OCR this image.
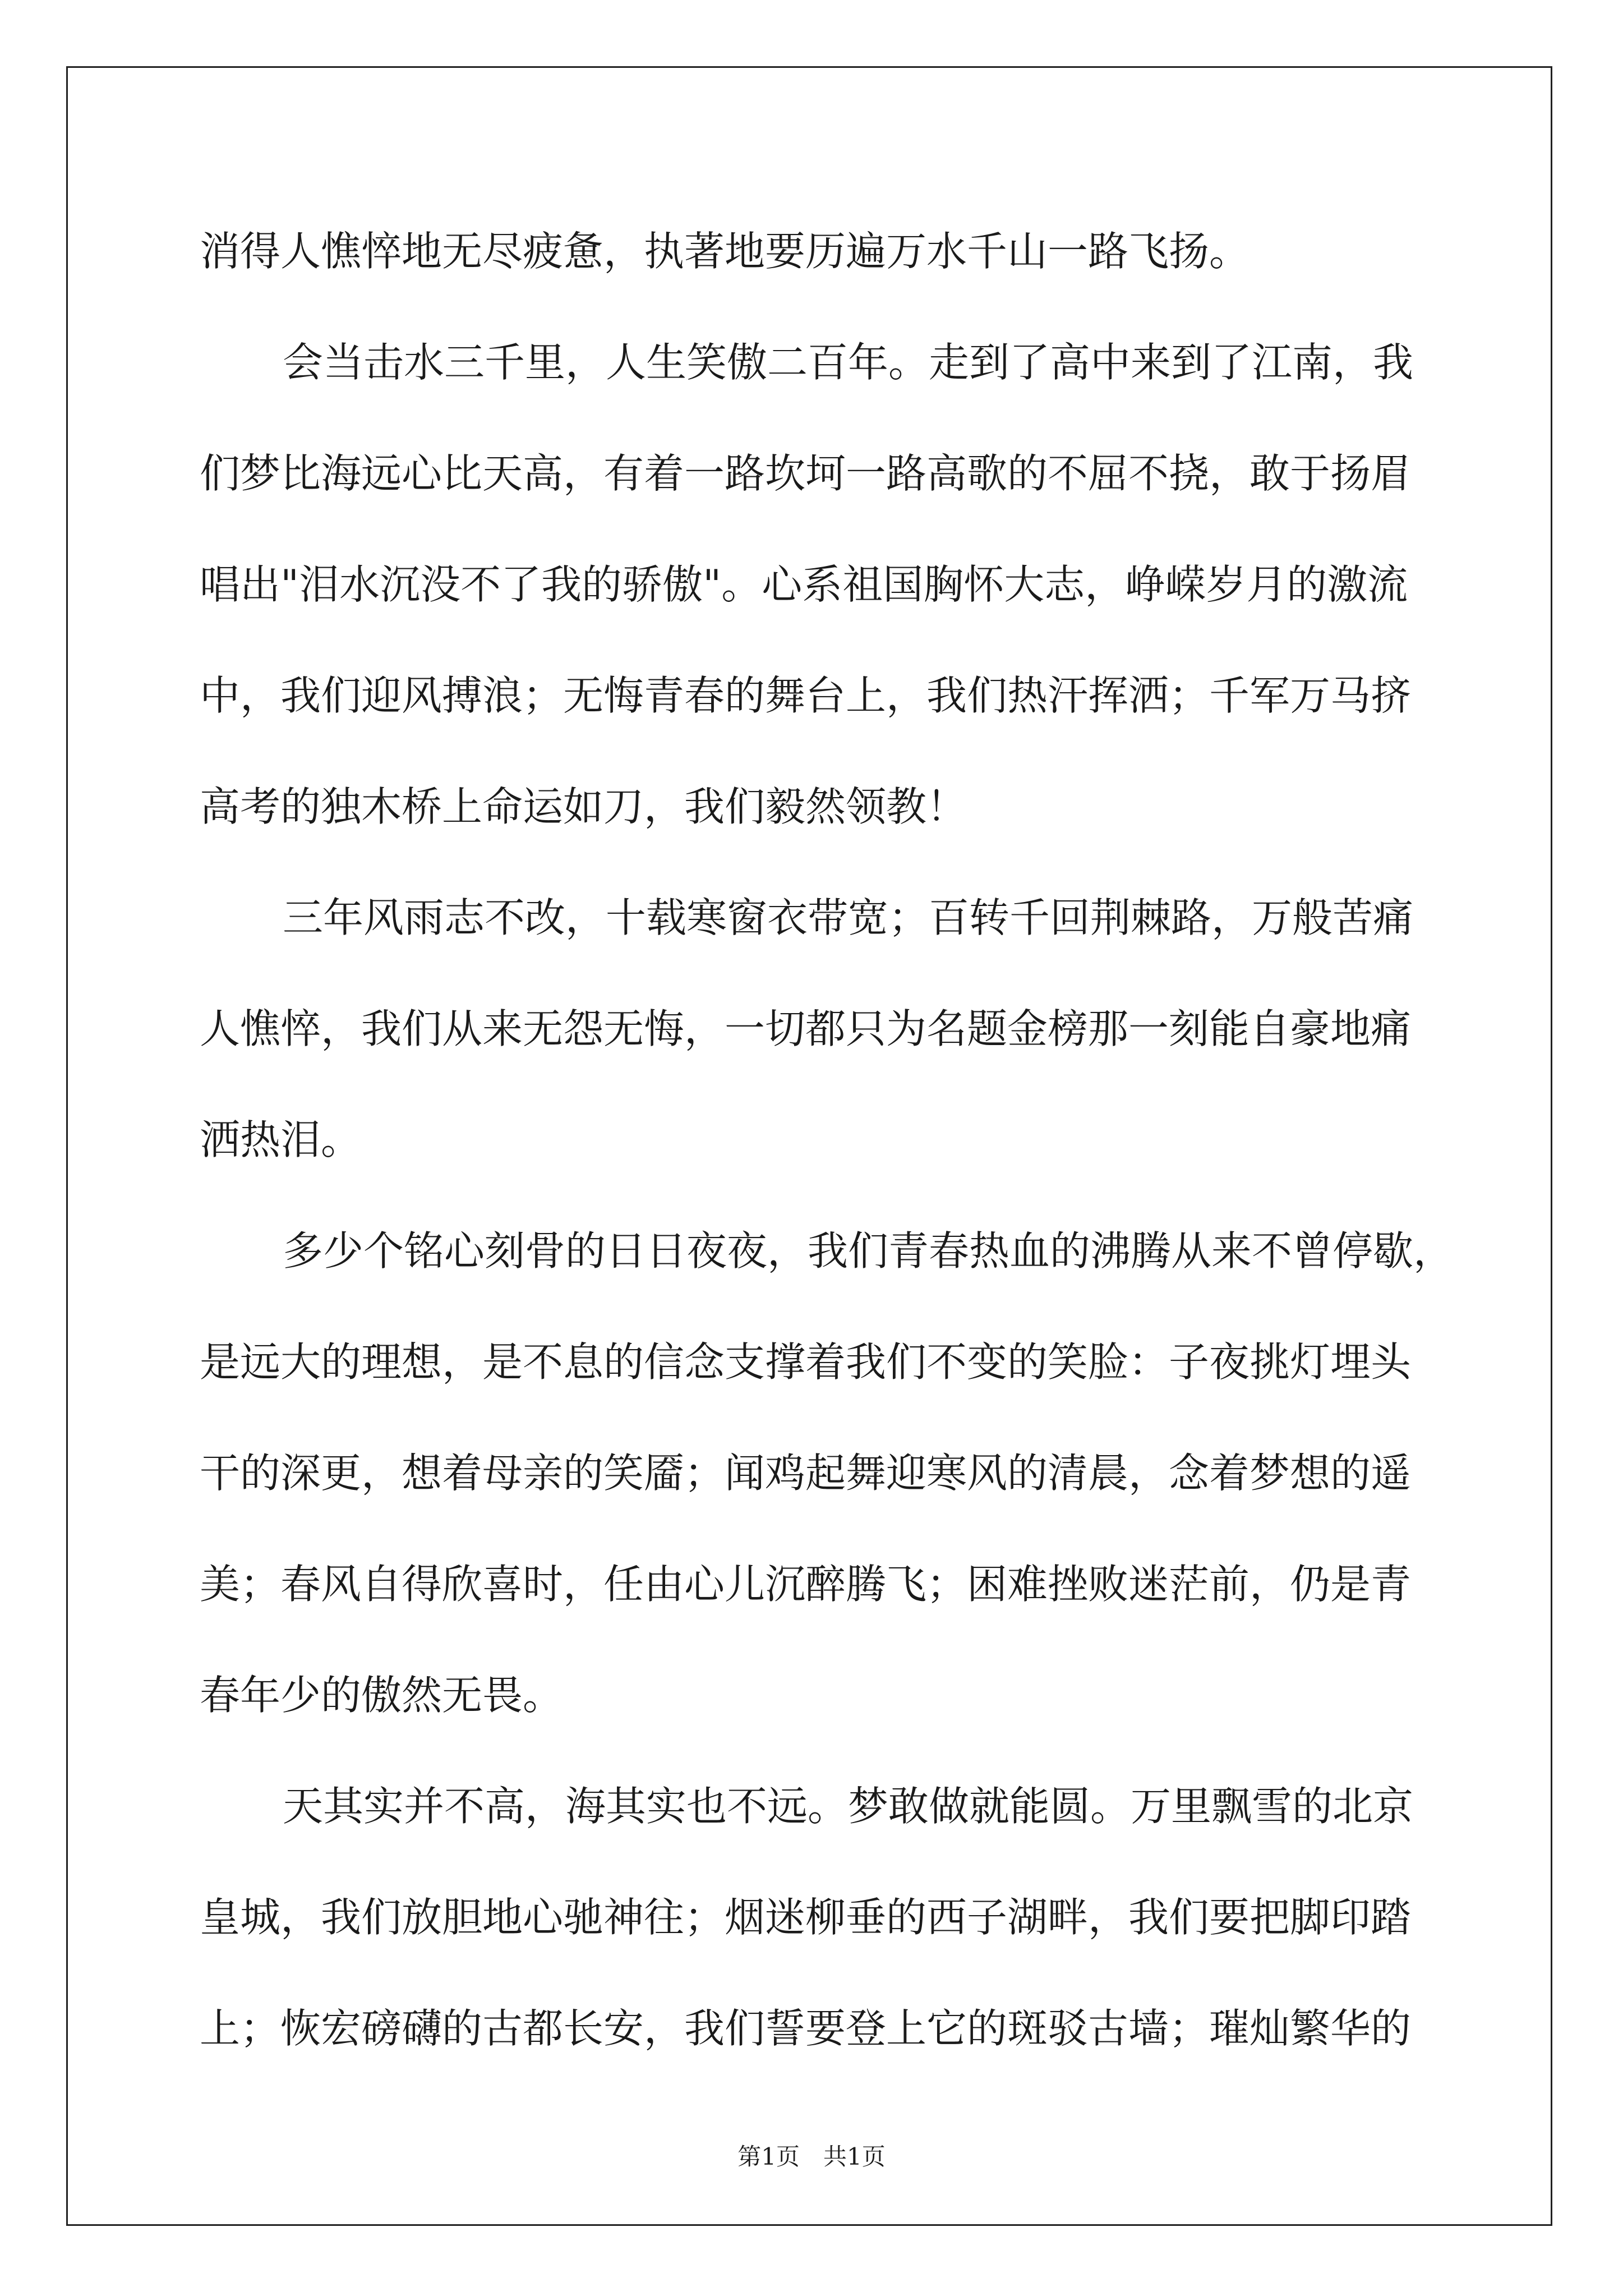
消得人憔悴地无尽疲惫，执著地要历遍万水千山一路飞扬。
会当击水三千里，人生笑傲二百年。走到了高中来到了江南，我
们梦比海远心比天高，有着一路坎坷一路高歌的不屈不挠，敢于扬眉
唱出"泪水沉没不了我的骄傲"。心系祖国胸怀大志，峥嵘岁月的激流
中，我们迎风搏浪；无悔青春的舞台上，我们热汗挥洒；千军万马挤
高考的独木桥上命运如刀，我们毅然领教！
三年风雨志不改，十载寒窗衣带宽；百转千回荆棘路，万般苦痛
人憔悴，我们从来无怨无悔，一切都只为名题金榜那一刻能自豪地痛
洒热泪。
多少个铭心刻骨的日日夜夜，我们青春热血的沸腾从来不曾停歇，
是远大的理想，是不息的信念支撑着我们不变的笑脸：子夜挑灯埋头
干的深更，想着母亲的笑靥；闻鸡起舞迎寒风的清晨，念着梦想的遥
美；春风自得欣喜时，任由心儿沉醉腾飞；困难挫败迷茫前，仍是青
春年少的傲然无畏。
天其实并不高，海其实也不远。梦敢做就能圆。万里飘雪的北京
皇城，我们放胆地心驰神往；烟迷柳垂的西子湖畔，我们要把脚印踏
上；恢宏磅礴的古都长安，我们誓要登上它的斑驳古墙；璀灿繁华的
第1页　共1页
